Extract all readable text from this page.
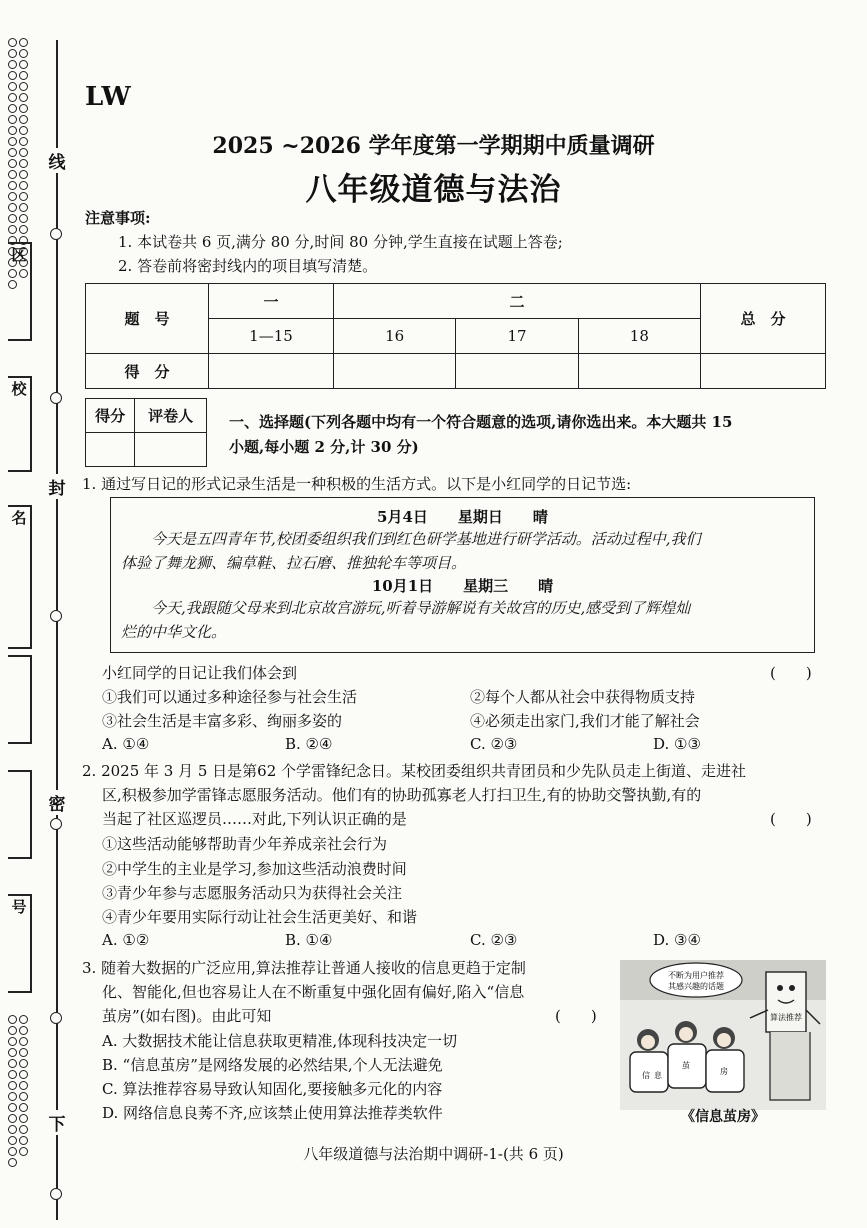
线
封
密
下
区
校
名
号
LW
2025 ~2026 学年度第一学期期中质量调研
八年级道德与法治
注意事项:
1. 本试卷共 6 页,满分 80 分,时间 80 分钟,学生直接在试题上答卷;
2. 答卷前将密封线内的项目填写清楚。
题　号	一	二			总　分
	1—15	16	17	18	
得　分					
得分	评卷人
	一、选择题(下列各题中均有一个符合题意的选项,请你选出来。本大题共 15
小题,每小题 2 分,计 30 分)
1. 通过写日记的形式记录生活是一种积极的生活方式。以下是小红同学的日记节选:
5月4日　　星期日　　晴
今天是五四青年节,校团委组织我们到红色研学基地进行研学活动。活动过程中,我们
体验了舞龙狮、编草鞋、拉石磨、推独轮车等项目。
10月1日　　星期三　　晴
今天,我跟随父母来到北京故宫游玩,听着导游解说有关故宫的历史,感受到了辉煌灿
烂的中华文化。
小红同学的日记让我们体会到	(　　)
①我们可以通过多种途径参与社会生活	②每个人都从社会中获得物质支持
③社会生活是丰富多彩、绚丽多姿的	④必须走出家门,我们才能了解社会
A. ①④	B. ②④	C. ②③	D. ①③
2. 2025 年 3 月 5 日是第62 个学雷锋纪念日。某校团委组织共青团员和少先队员走上街道、走进社
区,积极参加学雷锋志愿服务活动。他们有的协助孤寡老人打扫卫生,有的协助交警执勤,有的
当起了社区巡逻员……对此,下列认识正确的是	(　　)
①这些活动能够帮助青少年养成亲社会行为
②中学生的主业是学习,参加这些活动浪费时间
③青少年参与志愿服务活动只为获得社会关注
④青少年要用实际行动让社会生活更美好、和谐
A. ①②	B. ①④	C. ②③	D. ③④
3. 随着大数据的广泛应用,算法推荐让普通人接收的信息更趋于定制
化、智能化,但也容易让人在不断重复中强化固有偏好,陷入“信息
茧房”(如右图)。由此可知	(　　)
A. 大数据技术能让信息获取更精准,体现科技决定一切
B. “信息茧房”是网络发展的必然结果,个人无法避免
C. 算法推荐容易导致认知固化,要接触多元化的内容
D. 网络信息良莠不齐,应该禁止使用算法推荐类软件
不断为用户推荐
其感兴趣的话题
算法推荐
信 息
茧
房
《信息茧房》
八年级道德与法治期中调研-1-(共 6 页)
